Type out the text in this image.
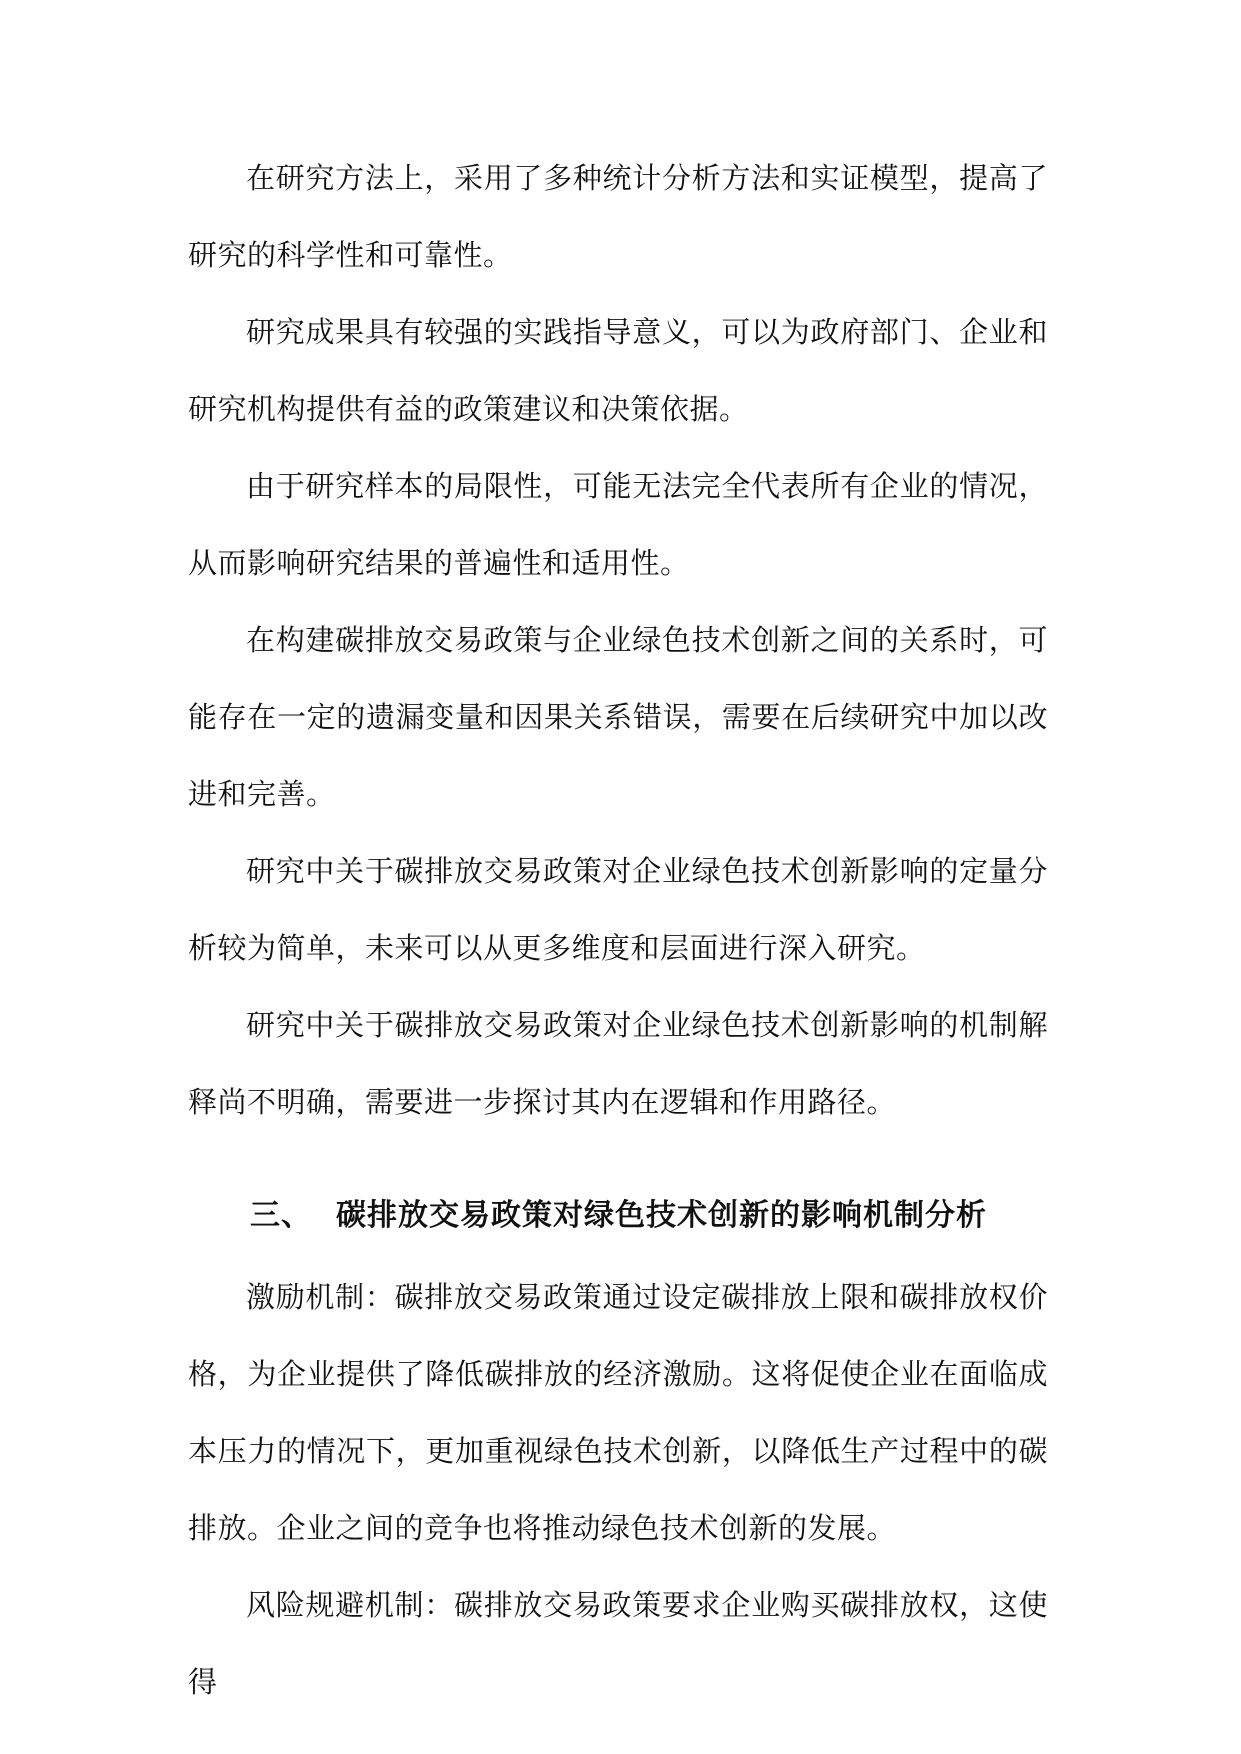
在研究方法上，采用了多种统计分析方法和实证模型，提高了研究的科学性和可靠性。

研究成果具有较强的实践指导意义，可以为政府部门、企业和研究机构提供有益的政策建议和决策依据。

由于研究样本的局限性，可能无法完全代表所有企业的情况，从而影响研究结果的普遍性和适用性。

在构建碳排放交易政策与企业绿色技术创新之间的关系时，可能存在一定的遗漏变量和因果关系错误，需要在后续研究中加以改进和完善。

研究中关于碳排放交易政策对企业绿色技术创新影响的定量分析较为简单，未来可以从更多维度和层面进行深入研究。

研究中关于碳排放交易政策对企业绿色技术创新影响的机制解释尚不明确，需要进一步探讨其内在逻辑和作用路径。

三、 碳排放交易政策对绿色技术创新的影响机制分析

激励机制：碳排放交易政策通过设定碳排放上限和碳排放权价格，为企业提供了降低碳排放的经济激励。这将促使企业在面临成本压力的情况下，更加重视绿色技术创新，以降低生产过程中的碳排放。企业之间的竞争也将推动绿色技术创新的发展。

风险规避机制：碳排放交易政策要求企业购买碳排放权，这使得
